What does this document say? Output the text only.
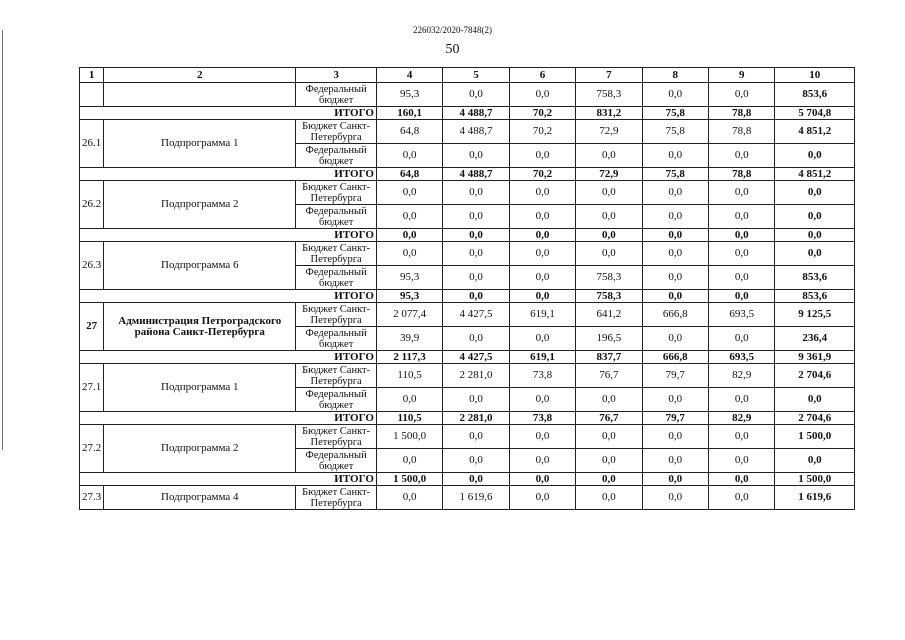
226032/2020-7848(2)
50
1	2	3	4	5	6	7	8	9	10
		Федеральный бюджет	95,3	0,0	0,0	758,3	0,0	0,0	853,6
ИТОГО			160,1	4 488,7	70,2	831,2	75,8	78,8	5 704,8
26.1	Подпрограмма 1	Бюджет Санкт-Петербурга	64,8	4 488,7	70,2	72,9	75,8	78,8	4 851,2
		Федеральный бюджет	0,0	0,0	0,0	0,0	0,0	0,0	0,0
ИТОГО			64,8	4 488,7	70,2	72,9	75,8	78,8	4 851,2
26.2	Подпрограмма 2	Бюджет Санкт-Петербурга	0,0	0,0	0,0	0,0	0,0	0,0	0,0
		Федеральный бюджет	0,0	0,0	0,0	0,0	0,0	0,0	0,0
ИТОГО			0,0	0,0	0,0	0,0	0,0	0,0	0,0
26.3	Подпрограмма 6	Бюджет Санкт-Петербурга	0,0	0,0	0,0	0,0	0,0	0,0	0,0
		Федеральный бюджет	95,3	0,0	0,0	758,3	0,0	0,0	853,6
ИТОГО			95,3	0,0	0,0	758,3	0,0	0,0	853,6
27	Администрация Петроградского района Санкт-Петербурга	Бюджет Санкт-Петербурга	2 077,4	4 427,5	619,1	641,2	666,8	693,5	9 125,5
		Федеральный бюджет	39,9	0,0	0,0	196,5	0,0	0,0	236,4
ИТОГО			2 117,3	4 427,5	619,1	837,7	666,8	693,5	9 361,9
27.1	Подпрограмма 1	Бюджет Санкт-Петербурга	110,5	2 281,0	73,8	76,7	79,7	82,9	2 704,6
		Федеральный бюджет	0,0	0,0	0,0	0,0	0,0	0,0	0,0
ИТОГО			110,5	2 281,0	73,8	76,7	79,7	82,9	2 704,6
27.2	Подпрограмма 2	Бюджет Санкт-Петербурга	1 500,0	0,0	0,0	0,0	0,0	0,0	1 500,0
		Федеральный бюджет	0,0	0,0	0,0	0,0	0,0	0,0	0,0
ИТОГО			1 500,0	0,0	0,0	0,0	0,0	0,0	1 500,0
27.3	Подпрограмма 4	Бюджет Санкт-Петербурга	0,0	1 619,6	0,0	0,0	0,0	0,0	1 619,6
